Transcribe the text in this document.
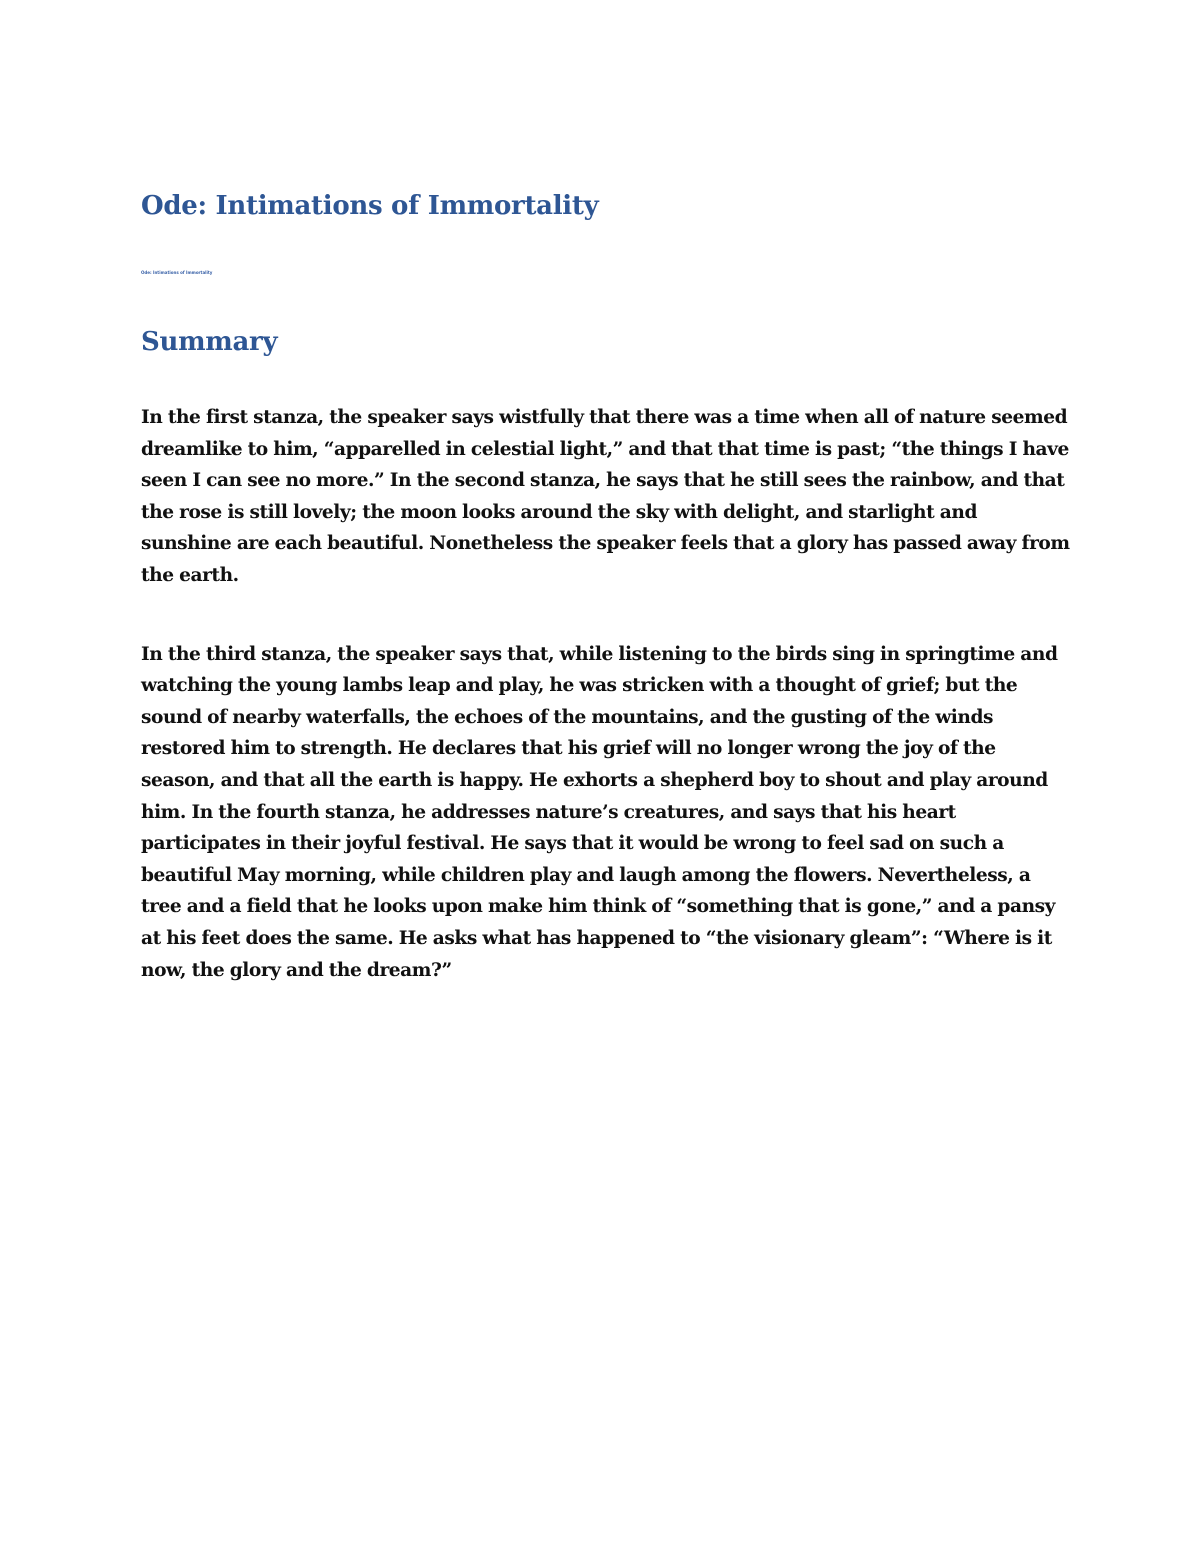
Ode: Intimations of Immortality

Ode: Intimations of Immortality

Summary

In the first stanza, the speaker says wistfully that there was a time when all of nature seemed dreamlike to him, “apparelled in celestial light,” and that that time is past; “the things I have seen I can see no more.” In the second stanza, he says that he still sees the rainbow, and that the rose is still lovely; the moon looks around the sky with delight, and starlight and sunshine are each beautiful. Nonetheless the speaker feels that a glory has passed away from the earth.

In the third stanza, the speaker says that, while listening to the birds sing in springtime and watching the young lambs leap and play, he was stricken with a thought of grief; but the sound of nearby waterfalls, the echoes of the mountains, and the gusting of the winds restored him to strength. He declares that his grief will no longer wrong the joy of the season, and that all the earth is happy. He exhorts a shepherd boy to shout and play around him. In the fourth stanza, he addresses nature’s creatures, and says that his heart participates in their joyful festival. He says that it would be wrong to feel sad on such a beautiful May morning, while children play and laugh among the flowers. Nevertheless, a tree and a field that he looks upon make him think of “something that is gone,” and a pansy at his feet does the same. He asks what has happened to “the visionary gleam”: “Where is it now, the glory and the dream?”
